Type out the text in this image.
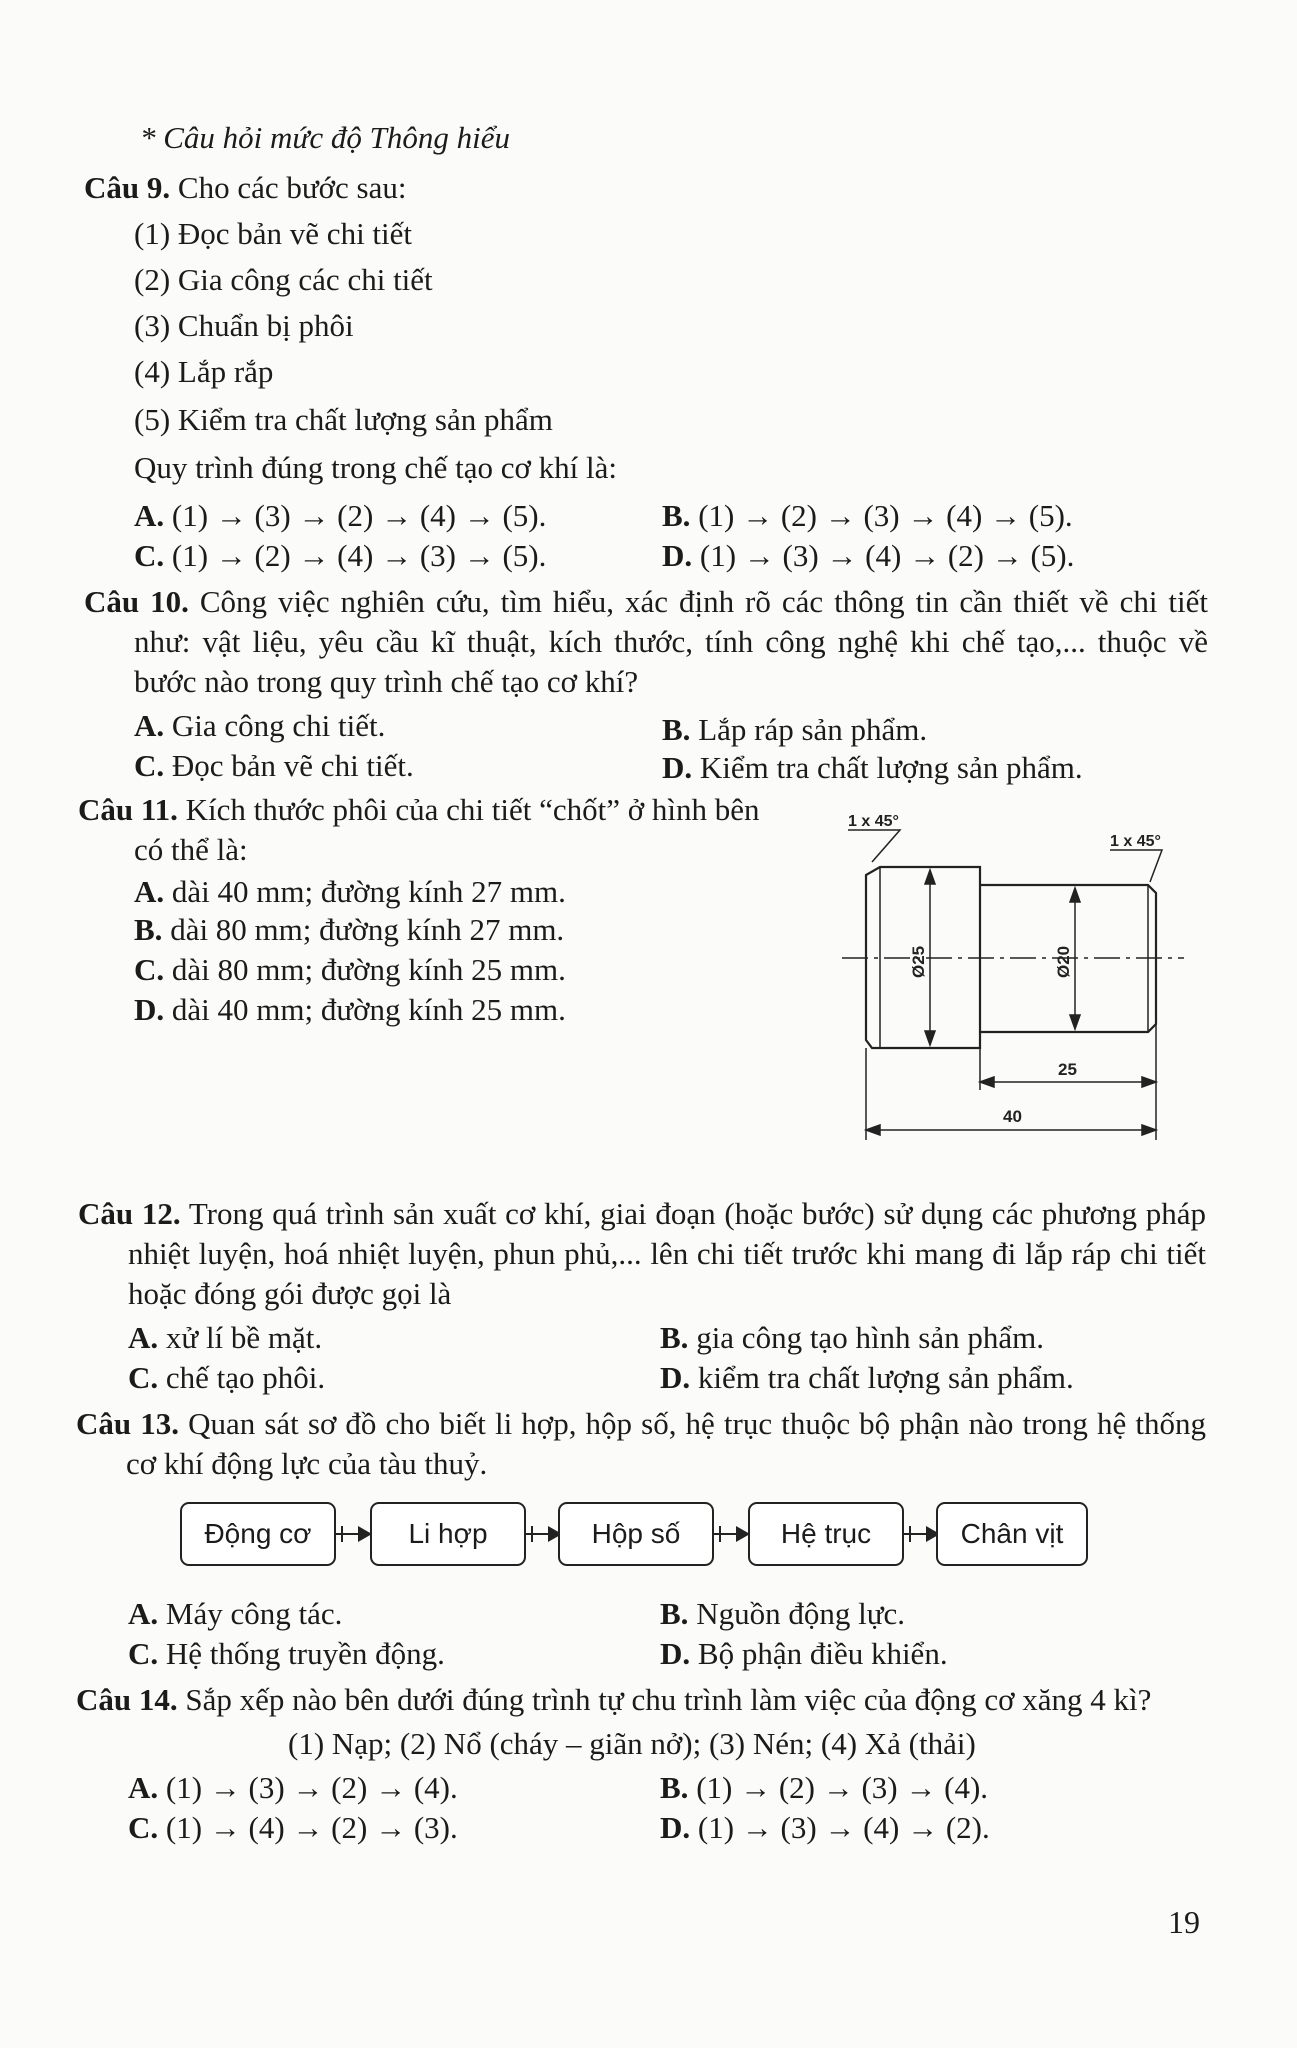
* Câu hỏi mức độ Thông hiểu
Câu 9. Cho các bước sau:
(1) Đọc bản vẽ chi tiết
(2) Gia công các chi tiết
(3) Chuẩn bị phôi
(4) Lắp rắp
(5) Kiểm tra chất lượng sản phẩm
Quy trình đúng trong chế tạo cơ khí là:
A. (1) → (3) → (2) → (4) → (5).	B. (1) → (2) → (3) → (4) → (5).
C. (1) → (2) → (4) → (3) → (5).	D. (1) → (3) → (4) → (2) → (5).
Câu 10. Công việc nghiên cứu, tìm hiểu, xác định rõ các thông tin cần thiết về chi tiết như: vật liệu, yêu cầu kĩ thuật, kích thước, tính công nghệ khi chế tạo,... thuộc về bước nào trong quy trình chế tạo cơ khí?
A. Gia công chi tiết.	B. Lắp ráp sản phẩm.
C. Đọc bản vẽ chi tiết.	D. Kiểm tra chất lượng sản phẩm.
Câu 11. Kích thước phôi của chi tiết “chốt” ở hình bên
có thể là:
A. dài 40 mm; đường kính 27 mm.
B. dài 80 mm; đường kính 27 mm.
C. dài 80 mm; đường kính 25 mm.
D. dài 40 mm; đường kính 25 mm.
Ø25	Ø20
25
40
1 x 45°
1 x 45°
Câu 12. Trong quá trình sản xuất cơ khí, giai đoạn (hoặc bước) sử dụng các phương pháp nhiệt luyện, hoá nhiệt luyện, phun phủ,... lên chi tiết trước khi mang đi lắp ráp chi tiết hoặc đóng gói được gọi là
A. xử lí bề mặt.	B. gia công tạo hình sản phẩm.
C. chế tạo phôi.	D. kiểm tra chất lượng sản phẩm.
Câu 13. Quan sát sơ đồ cho biết li hợp, hộp số, hệ trục thuộc bộ phận nào trong hệ thống cơ khí động lực của tàu thuỷ.
Động cơ	Li hợp	Hộp số	Hệ trục	Chân vịt
A. Máy công tác.	B. Nguồn động lực.
C. Hệ thống truyền động.	D. Bộ phận điều khiển.
Câu 14. Sắp xếp nào bên dưới đúng trình tự chu trình làm việc của động cơ xăng 4 kì?
(1) Nạp; (2) Nổ (cháy – giãn nở); (3) Nén; (4) Xả (thải)
A. (1) → (3) → (2) → (4).	B. (1) → (2) → (3) → (4).
C. (1) → (4) → (2) → (3).	D. (1) → (3) → (4) → (2).
19
